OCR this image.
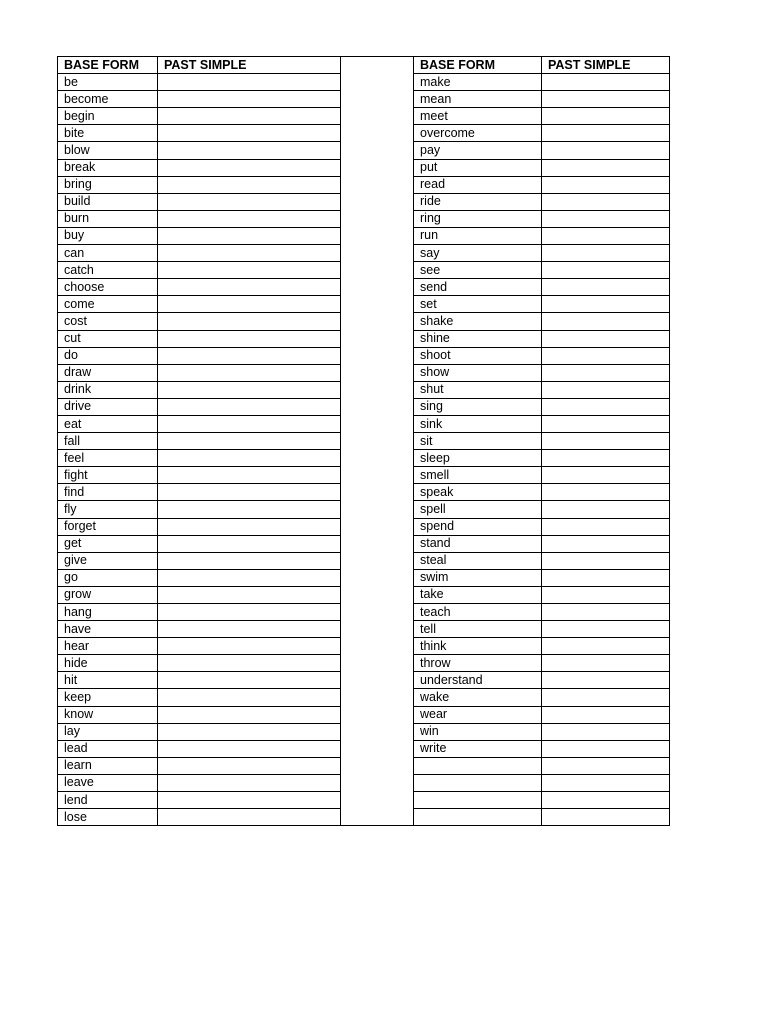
BASE FORM	PAST SIMPLE		BASE FORM	PAST SIMPLE
be			make	
become			mean	
begin			meet	
bite			overcome	
blow			pay	
break			put	
bring			read	
build			ride	
burn			ring	
buy			run	
can			say	
catch			see	
choose			send	
come			set	
cost			shake	
cut			shine	
do			shoot	
draw			show	
drink			shut	
drive			sing	
eat			sink	
fall			sit	
feel			sleep	
fight			smell	
find			speak	
fly			spell	
forget			spend	
get			stand	
give			steal	
go			swim	
grow			take	
hang			teach	
have			tell	
hear			think	
hide			throw	
hit			understand	
keep			wake	
know			wear	
lay			win	
lead			write	
learn				
leave				
lend				
lose				
